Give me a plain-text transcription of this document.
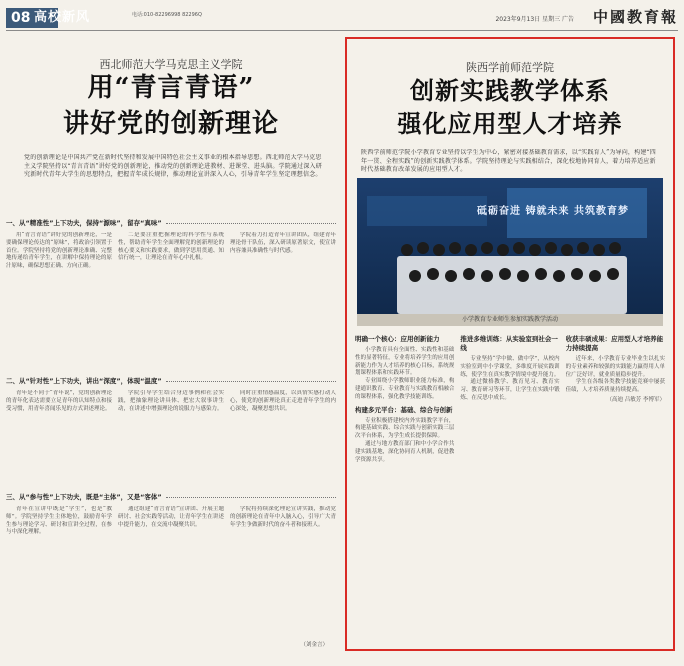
08 高校新风	电话:010-82296998 82296Q
2023年9月13日 星期三 广告 中國教育報
西北师范大学马克思主义学院
用“青言青语”
讲好党的创新理论

党的创新理论是中国共产党在新时代坚持和发展中国特色社会主义事业的根本指导思想。西北师范大学马克思主义学院坚持以“青言青语”讲好党的创新理论，推动党的创新理论进教材、进课堂、进头脑。学院通过深入研究新时代青年大学生的思想特点，把握青年成长规律，推动理论宣讲深入人心，引导青年学生坚定理想信念。

一、从“精准性”上下功夫，保持“源味”，留存“真味”

用“青言青语”讲好党的创新理论，一是要确保理论传达的“原味”，将政治引领置于首位。学院坚持将党的创新理论准确、完整地传递给青年学生，在讲解中保持理论的原汁原味，确保思想正确、方向正确。

二是要注重把握理论的科学性与系统性，帮助青年学生全面理解党的创新理论的核心要义和实践要求，做到学思用贯通、知信行统一，让理论在青年心中扎根。

学院着力打造青年宣讲团队，组建青年理论骨干队伍，深入研读原著原文，使宣讲内容兼具准确性与时代感。

二、从“针对性”上下功夫，讲出“深度”，体现“温度”

青年是不同于“青年说”，党的创新理论的青年化表达需要立足青年的认知特点和接受习惯，用青年喜闻乐见的方式讲述理论。

学院引导学生结合身边事例和社会实践，把抽象理论讲具体、把宏大叙事讲生动，在讲述中增强理论的说服力与感染力。

同时注重情感温度，以真情实感打动人心，使党的创新理论真正走进青年学生的内心深处，凝聚思想共识。

三、从“参与性”上下功夫，既是“主体”，又是“客体”

青年在宣讲中既是“学生”，也是“教师”。学院坚持学生主体地位，鼓励青年学生参与理论学习、研讨和宣讲全过程，在参与中深化理解。

通过组建“青言青语”宣讲团、开展主题研讨、社会实践等活动，让青年学生在讲述中提升能力，在交流中凝聚共识。

学院将持续深化理论宣讲实践，推动党的创新理论在青年中入脑入心，引导广大青年学生争做新时代的奋斗者和接班人。

（刘金言）
陕西学前师范学院
创新实践教学体系
强化应用型人才培养

陕西学前师范学院小学教育专业坚持以学生为中心，紧密对接基础教育需求，以“实践育人”为导向，构建“四年一贯、全程实践”的创新实践教学体系。学院坚持理论与实践相结合，深化校地协同育人，着力培养适应新时代基础教育改革发展的应用型人才。

砥砺奋进 铸就未来 共筑教育梦
小学教育专业师生参加实践教学活动
明确一个核心：应用创新能力

小学教育具有全面性、实践性和基础性的显著特征，专业将培养学生的应用创新能力作为人才培养的核心目标，系统规划课程体系和实践环节。

专业围绕小学教师职业能力标准，构建通识教育、专业教育与实践教育相融合的课程体系，强化教学技能训练。

构建多元平台：基础、综合与创新

专业积极搭建校内外实践教学平台，构建基础实践、综合实践与创新实践三层次平台体系，为学生成长提供保障。

通过与地方教育部门和中小学合作共建实践基地，深化协同育人机制，促进教学资源共享。

推进多维训练：从实验室到社会一线

专业坚持“学中做、做中学”，从校内实验室到中小学课堂，多维度开展实践训练，使学生在真实教学情境中提升能力。

通过微格教学、教育见习、教育实习、教育研习等环节，让学生在实践中锻炼、在反思中成长。

收获丰硕成果：应用型人才培养能力持续提高

近年来，小学教育专业毕业生以扎实的专业素养和较强的实践能力赢得用人单位广泛好评，就业质量稳步提升。

学生在各级各类教学技能竞赛中屡获佳绩，人才培养质量持续提高。

（高迪 吕敏芳 李博军）
